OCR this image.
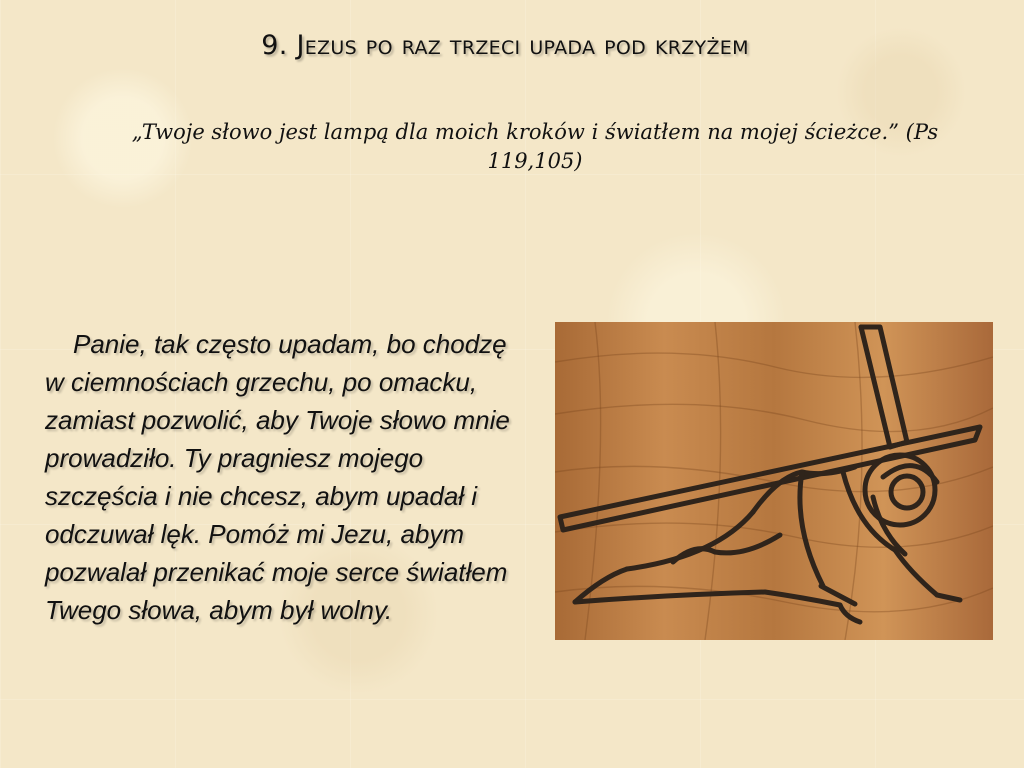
9. Jezus po raz trzeci upada pod krzyżem
„Twoje słowo jest lampą dla moich kroków i światłem na mojej ścieżce.” (Ps 119,105)
Panie, tak często upadam, bo chodzę w ciemnościach grzechu, po omacku, zamiast pozwolić, aby Twoje słowo mnie prowadziło. Ty pragniesz mojego szczęścia i nie chcesz, abym upadał i odczuwał lęk. Pomóż mi Jezu, abym pozwalał przenikać moje serce światłem Twego słowa, abym był wolny.
